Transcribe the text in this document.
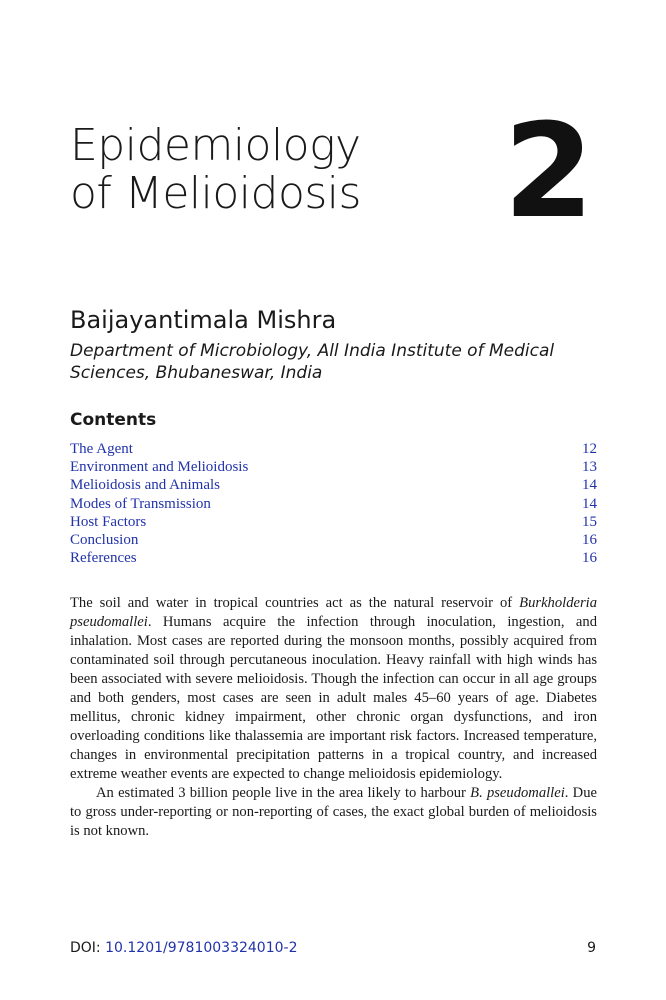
Epidemiology
of Melioidosis 2
Baijayantimala Mishra
Department of Microbiology, All India Institute of Medical Sciences, Bhubaneswar, India
Contents
The Agent	12
Environment and Melioidosis	13
Melioidosis and Animals	14
Modes of Transmission	14
Host Factors	15
Conclusion	16
References	16

The soil and water in tropical countries act as the natural reservoir of Burkholderia pseudomallei. Humans acquire the infection through inoculation, ingestion, and inhalation. Most cases are reported during the monsoon months, possibly acquired from contaminated soil through percutaneous inoculation. Heavy rainfall with high winds has been associated with severe melioidosis. Though the infection can occur in all age groups and both genders, most cases are seen in adult males 45–60 years of age. Diabetes mellitus, chronic kidney impairment, other chronic organ dysfunctions, and iron overloading conditions like thalassemia are important risk factors. Increased temperature, changes in environmental precipitation patterns in a tropical country, and increased extreme weather events are expected to change melioidosis epidemiology.

An estimated 3 billion people live in the area likely to harbour B. pseudomallei. Due to gross under-reporting or non-reporting of cases, the exact global burden of melioidosis is not known.

DOI: 10.1201/9781003324010-2	9
